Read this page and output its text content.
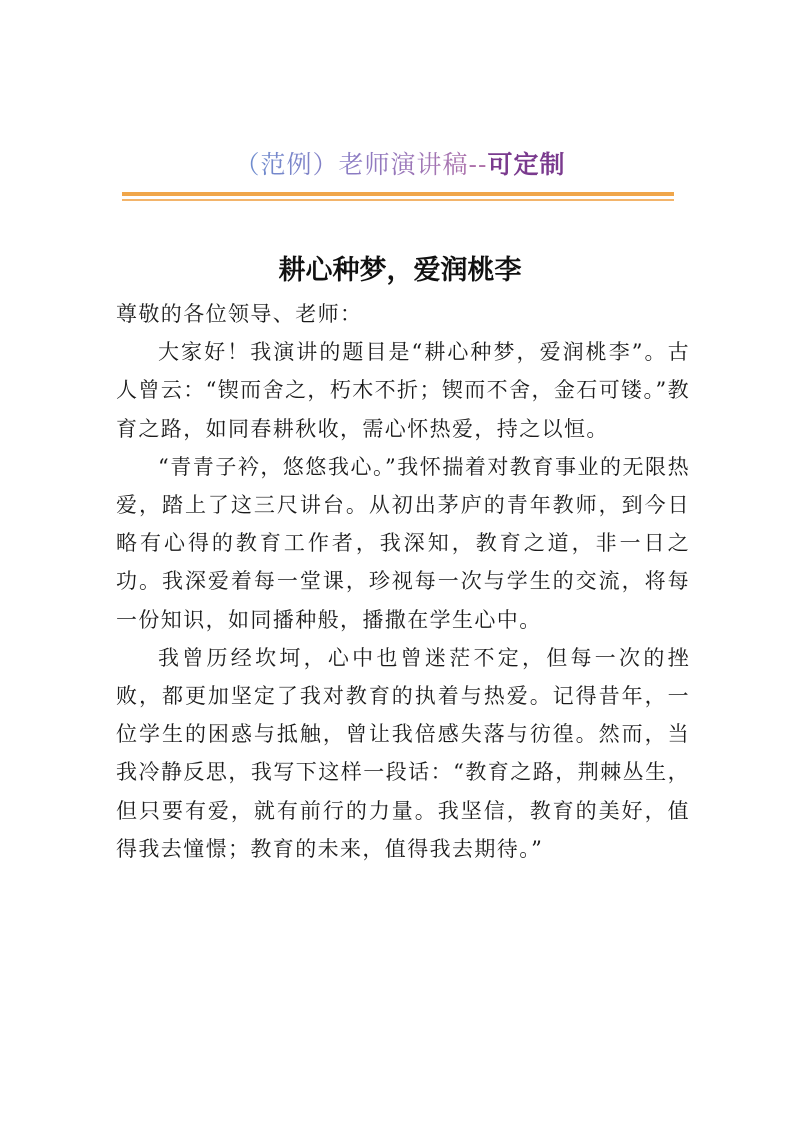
（范例）老师演讲稿--可定制
耕心种梦，爱润桃李

尊敬的各位领导、老师：

大家好！我演讲的题目是“耕心种梦，爱润桃李”。古人曾云：“锲而舍之，朽木不折；锲而不舍，金石可镂。”教育之路，如同春耕秋收，需心怀热爱，持之以恒。

“青青子衿，悠悠我心。”我怀揣着对教育事业的无限热爱，踏上了这三尺讲台。从初出茅庐的青年教师，到今日略有心得的教育工作者，我深知，教育之道，非一日之功。我深爱着每一堂课，珍视每一次与学生的交流，将每一份知识，如同播种般，播撒在学生心中。

我曾历经坎坷，心中也曾迷茫不定，但每一次的挫败，都更加坚定了我对教育的执着与热爱。记得昔年，一位学生的困惑与抵触，曾让我倍感失落与彷徨。然而，当我冷静反思，我写下这样一段话：“教育之路，荆棘丛生，但只要有爱，就有前行的力量。我坚信，教育的美好，值得我去憧憬；教育的未来，值得我去期待。”
